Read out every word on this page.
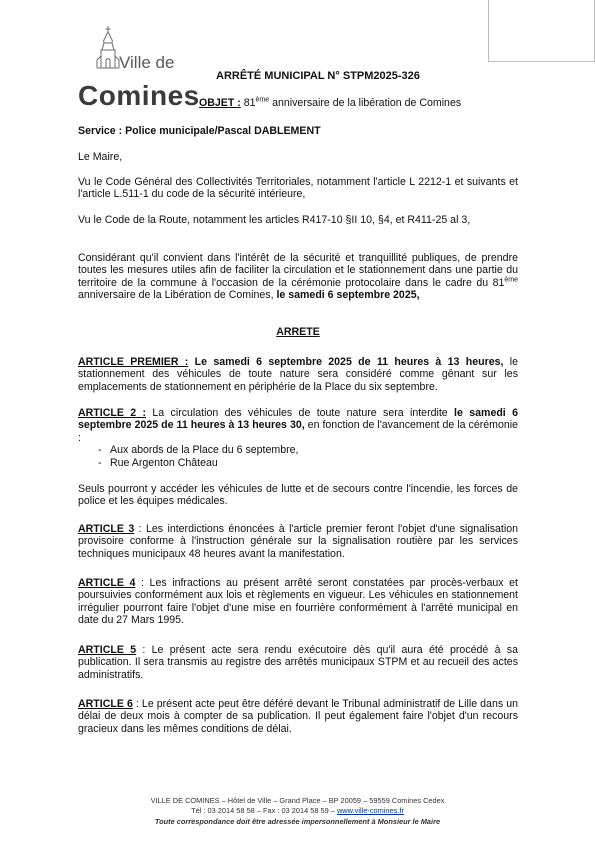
Ville de
Comines
ARRÊTÉ MUNICIPAL N° STPM2025-326
OBJET : 81ème anniversaire de la libération de Comines
Service : Police municipale/Pascal DABLEMENT
Le Maire,
Vu le Code Général des Collectivités Territoriales, notamment l'article L 2212-1 et suivants et l'article L.511-1 du code de la sécurité intérieure,
Vu le Code de la Route, notamment les articles R417-10 §II 10, §4, et R411-25 al 3,
Considérant qu'il convient dans l'intérêt de la sécurité et tranquillité publiques, de prendre toutes les mesures utiles afin de faciliter la circulation et le stationnement dans une partie du territoire de la commune à l'occasion de la cérémonie protocolaire dans le cadre du 81ème anniversaire de la Libération de Comines, le samedi 6 septembre 2025,
ARRETE
ARTICLE PREMIER : Le samedi 6 septembre 2025 de 11 heures à 13 heures, le stationnement des véhicules de toute nature sera considéré comme gênant sur les emplacements de stationnement en périphérie de la Place du six septembre.
ARTICLE 2 : La circulation des véhicules de toute nature sera interdite le samedi 6 septembre 2025 de 11 heures à 13 heures 30, en fonction de l'avancement de la cérémonie :
- Aux abords de la Place du 6 septembre,
- Rue Argenton Château
Seuls pourront y accéder les véhicules de lutte et de secours contre l'incendie, les forces de police et les équipes médicales.
ARTICLE 3 : Les interdictions énoncées à l'article premier feront l'objet d'une signalisation provisoire conforme à l'instruction générale sur la signalisation routière par les services techniques municipaux 48 heures avant la manifestation.
ARTICLE 4 : Les infractions au présent arrêté seront constatées par procès-verbaux et poursuivies conformément aux lois et règlements en vigueur. Les véhicules en stationnement irrégulier pourront faire l'objet d'une mise en fourrière conformément à l'arrêté municipal en date du 27 Mars 1995.
ARTICLE 5 : Le présent acte sera rendu exécutoire dès qu'il aura été procédé à sa publication. Il sera transmis au registre des arrêtés municipaux STPM et au recueil des actes administratifs.
ARTICLE 6 : Le présent acte peut être déféré devant le Tribunal administratif de Lille dans un délai de deux mois à compter de sa publication. Il peut également faire l'objet d'un recours gracieux dans les mêmes conditions de délai.
VILLE DE COMINES – Hôtel de Ville – Grand Place – BP 20059 – 59559 Comines Cedex
Tél : 03 2014 58 58 – Fax : 03 2014 58 59 – www.ville-comines.fr
Toute correspondance doit être adressée impersonnellement à Monsieur le Maire
